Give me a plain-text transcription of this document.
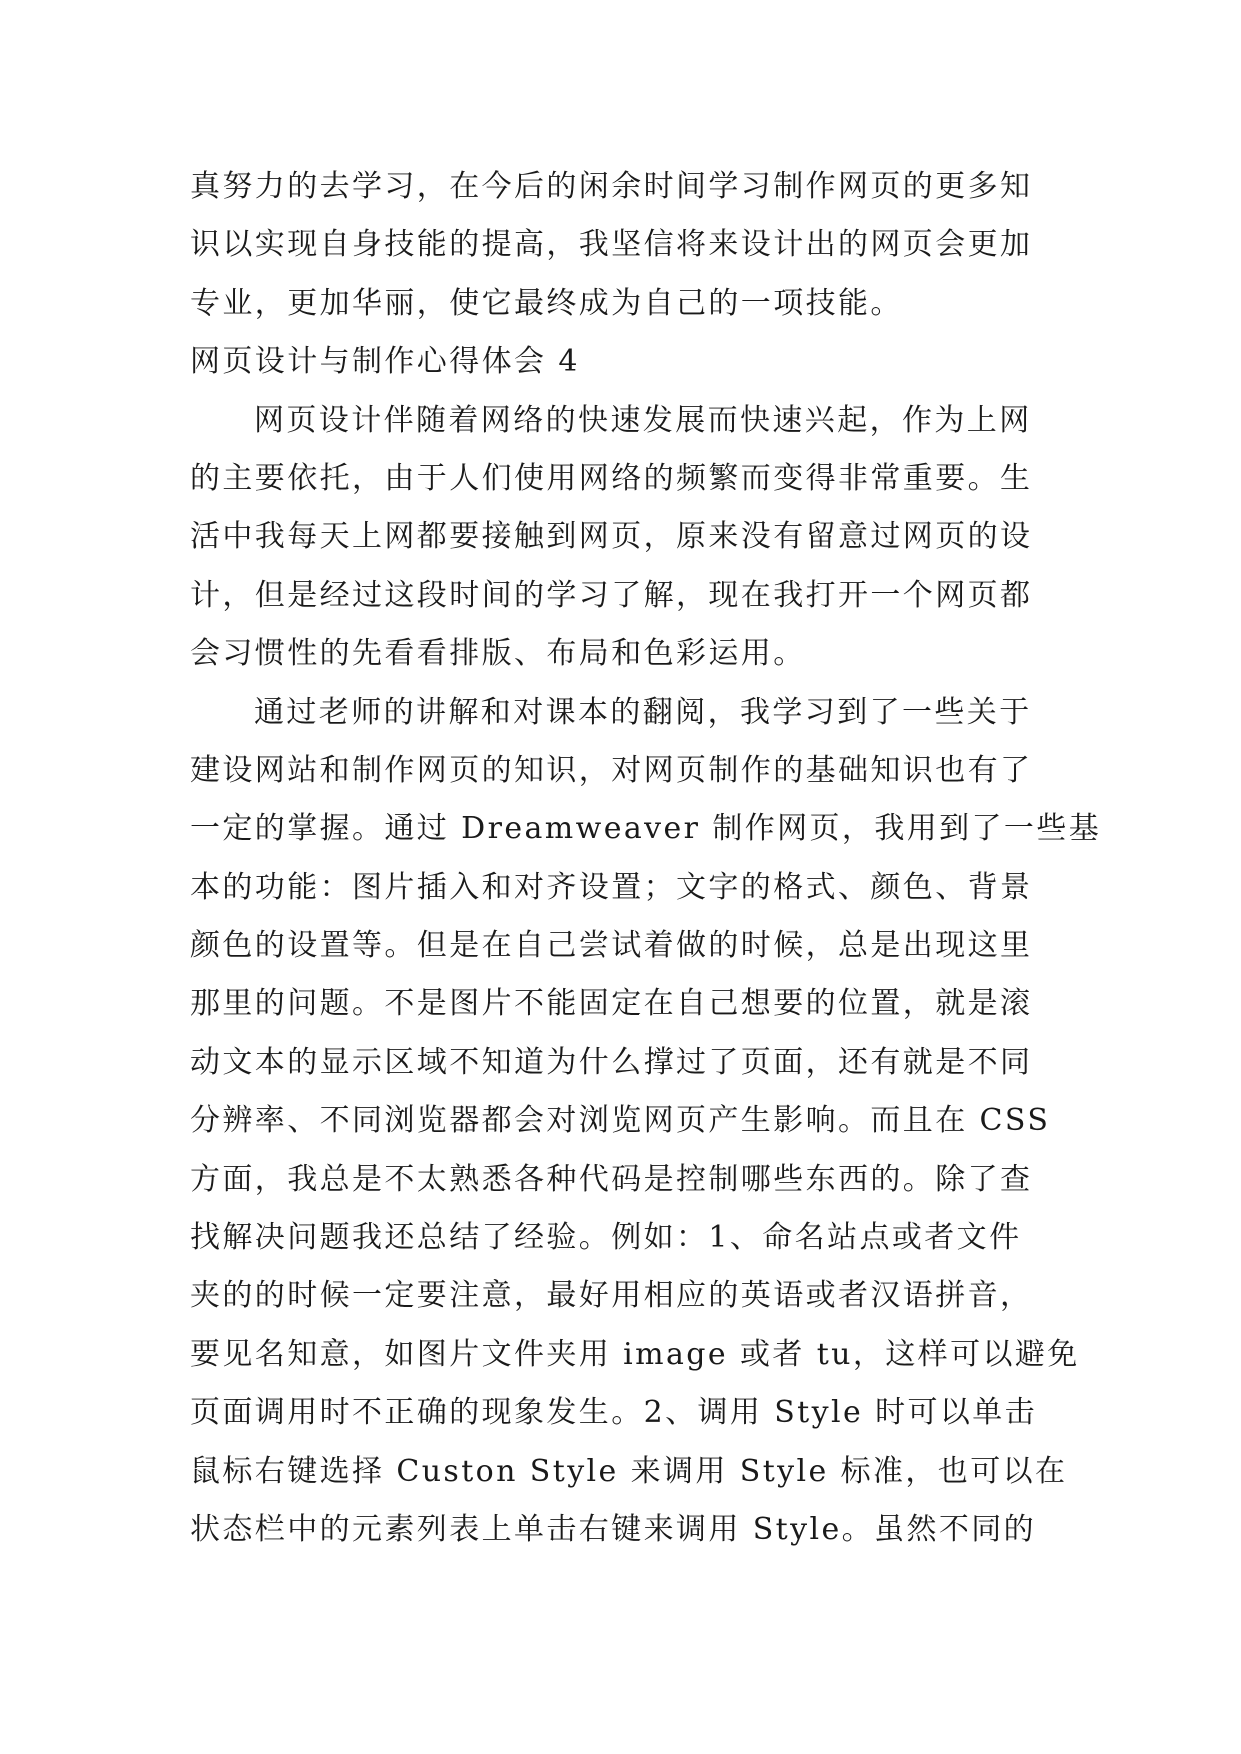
真努力的去学习，在今后的闲余时间学习制作网页的更多知
识以实现自身技能的提高，我坚信将来设计出的网页会更加
专业，更加华丽，使它最终成为自己的一项技能。
网页设计与制作心得体会 4
网页设计伴随着网络的快速发展而快速兴起，作为上网
的主要依托，由于人们使用网络的频繁而变得非常重要。生
活中我每天上网都要接触到网页，原来没有留意过网页的设
计，但是经过这段时间的学习了解，现在我打开一个网页都
会习惯性的先看看排版、布局和色彩运用。
通过老师的讲解和对课本的翻阅，我学习到了一些关于
建设网站和制作网页的知识，对网页制作的基础知识也有了
一定的掌握。通过 Dreamweaver 制作网页，我用到了一些基
本的功能：图片插入和对齐设置；文字的格式、颜色、背景
颜色的设置等。但是在自己尝试着做的时候，总是出现这里
那里的问题。不是图片不能固定在自己想要的位置，就是滚
动文本的显示区域不知道为什么撑过了页面，还有就是不同
分辨率、不同浏览器都会对浏览网页产生影响。而且在 CSS
方面，我总是不太熟悉各种代码是控制哪些东西的。除了查
找解决问题我还总结了经验。例如：1、命名站点或者文件
夹的的时候一定要注意，最好用相应的英语或者汉语拼音，
要见名知意，如图片文件夹用 image 或者 tu，这样可以避免
页面调用时不正确的现象发生。2、调用 Style 时可以单击
鼠标右键选择 Custon Style 来调用 Style 标准，也可以在
状态栏中的元素列表上单击右键来调用 Style。虽然不同的
